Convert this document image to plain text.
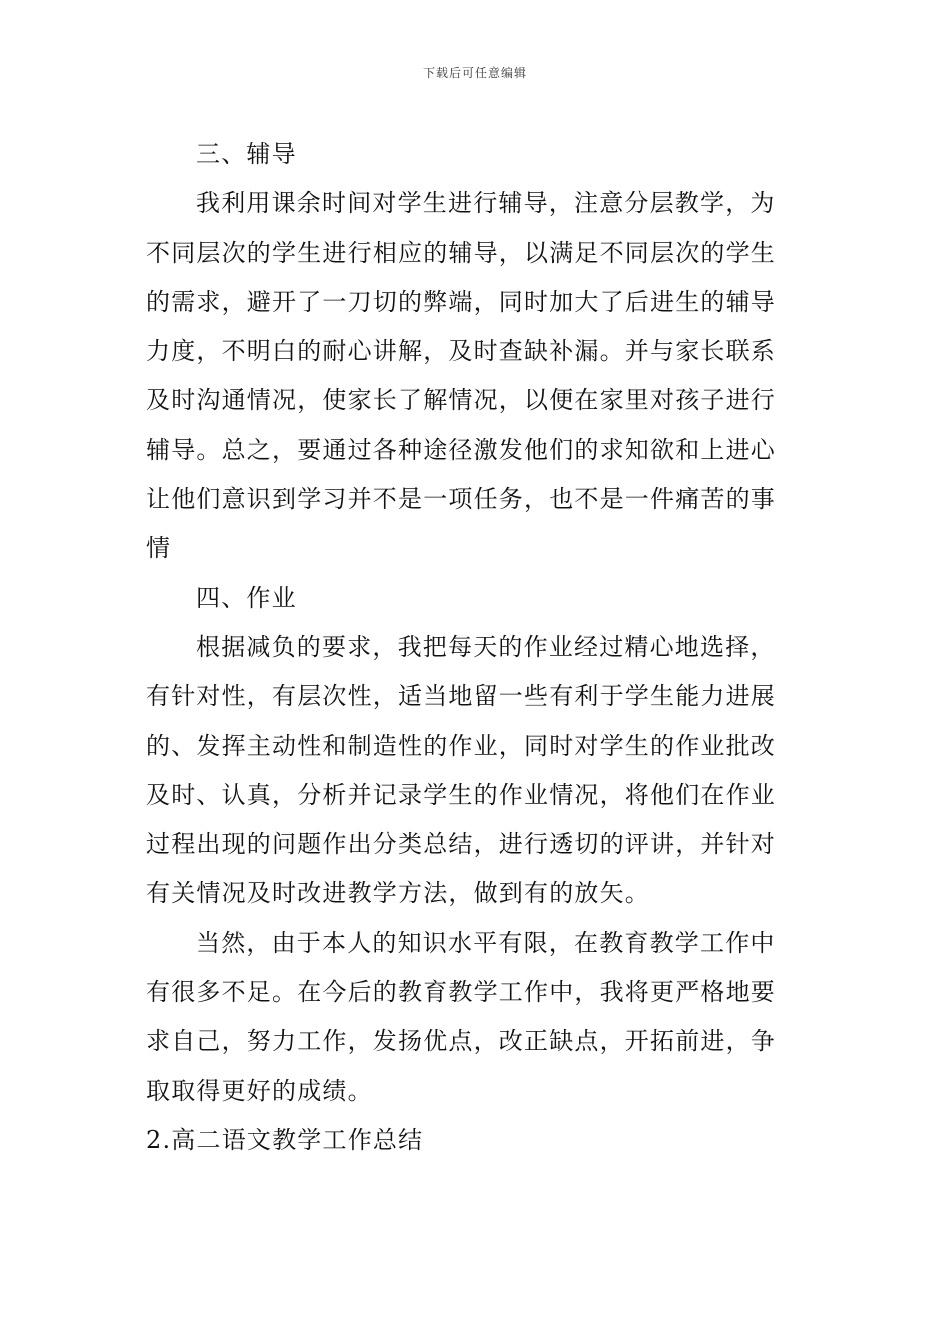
下载后可任意编辑
三、辅导
我利用课余时间对学生进行辅导，注意分层教学，为
不同层次的学生进行相应的辅导，以满足不同层次的学生
的需求，避开了一刀切的弊端，同时加大了后进生的辅导
力度，不明白的耐心讲解，及时查缺补漏。并与家长联系
及时沟通情况，使家长了解情况，以便在家里对孩子进行
辅导。总之，要通过各种途径激发他们的求知欲和上进心
让他们意识到学习并不是一项任务，也不是一件痛苦的事
情
四、作业
根据减负的要求，我把每天的作业经过精心地选择，
有针对性，有层次性，适当地留一些有利于学生能力进展
的、发挥主动性和制造性的作业，同时对学生的作业批改
及时、认真，分析并记录学生的作业情况，将他们在作业
过程出现的问题作出分类总结，进行透切的评讲，并针对
有关情况及时改进教学方法，做到有的放矢。
当然，由于本人的知识水平有限，在教育教学工作中
有很多不足。在今后的教育教学工作中，我将更严格地要
求自己，努力工作，发扬优点，改正缺点，开拓前进，争
取取得更好的成绩。
2.高二语文教学工作总结
